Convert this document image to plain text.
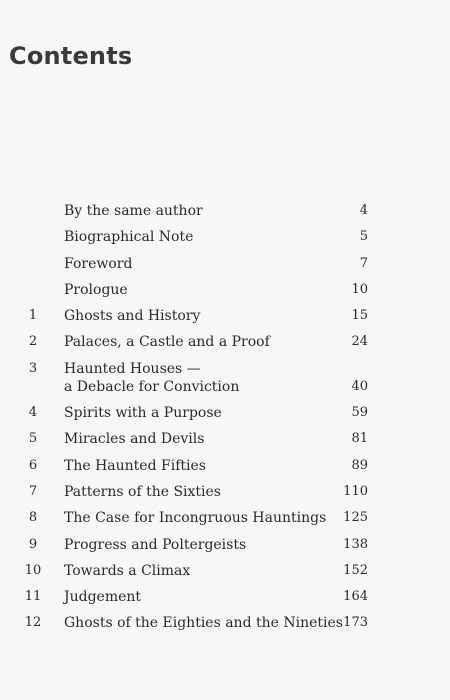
Contents
By the same author	4
Biographical Note	5
Foreword	7
Prologue	10
1	Ghosts and History	15
2	Palaces, a Castle and a Proof	24
3	Haunted Houses —
a Debacle for Conviction	40
4	Spirits with a Purpose	59
5	Miracles and Devils	81
6	The Haunted Fifties	89
7	Patterns of the Sixties	110
8	The Case for Incongruous Hauntings 125
9	Progress and Poltergeists	138
10	Towards a Climax	152
11	Judgement	164
12	Ghosts of the Eighties and the Nineties 173
